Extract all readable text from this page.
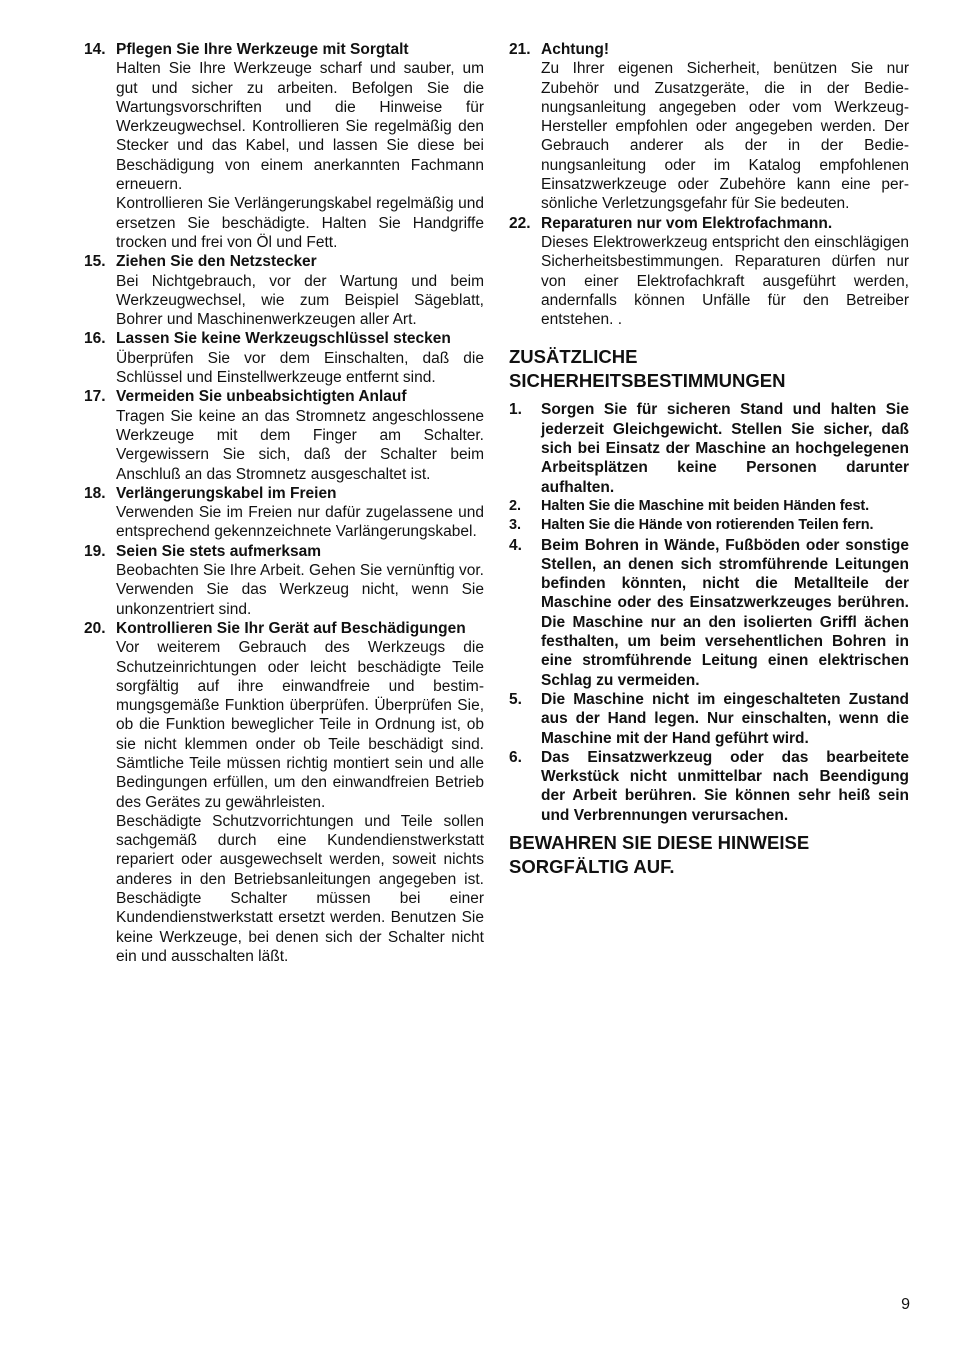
14. Pflegen Sie Ihre Werkzeuge mit Sorgtalt
Halten Sie Ihre Werkzeuge scharf und sauber, um gut und sicher zu arbeiten. Befolgen Sie die Wartungsvorschriften und die Hinweise für Werkzeugwechsel. Kontrollieren Sie regelmäßig den Stecker und das Kabel, und lassen Sie diese bei Beschädigung von einem anerkannten Fachmann erneuern.
Kontrollieren Sie Verlängerungskabel regelmäßig und ersetzen Sie beschädigte. Halten Sie Handgriffe trocken und frei von Öl und Fett.
15. Ziehen Sie den Netzstecker
Bei Nichtgebrauch, vor der Wartung und beim Werkzeugwechsel, wie zum Beispiel Sägeblatt, Bohrer und Maschinenwerkzeugen aller Art.
16. Lassen Sie keine Werkzeugschlüssel stecken
Überprüfen Sie vor dem Einschalten, daß die Schlüssel und Einstellwerkzeuge entfernt sind.
17. Vermeiden Sie unbeabsichtigten Anlauf
Tragen Sie keine an das Stromnetz angeschlossene Werkzeuge mit dem Finger am Schalter. Vergewissern Sie sich, daß der Schalter beim Anschluß an das Stromnetz ausgeschaltet ist.
18. Verlängerungskabel im Freien
Verwenden Sie im Freien nur dafür zugelassene und entsprechend gekennzeichnete Varlängerungskabel.
19. Seien Sie stets aufmerksam
Beobachten Sie Ihre Arbeit. Gehen Sie vernünftig vor. Verwenden Sie das Werkzeug nicht, wenn Sie unkonzentriert sind.
20. Kontrollieren Sie Ihr Gerät auf Beschädigungen
Vor weiterem Gebrauch des Werkzeugs die Schutzeinrichtungen oder leicht beschädigte Teile sorgfältig auf ihre einwandfreie und bestimmungsgemäße Funktion überprüfen. Überprüfen Sie, ob die Funktion beweglicher Teile in Ordnung ist, ob sie nicht klemmen onder ob Teile beschädigt sind. Sämtliche Teile müssen richtig montiert sein und alle Bedingungen erfüllen, um den einwandfreien Betrieb des Gerätes zu gewährleisten.
Beschädigte Schutzvorrichtungen und Teile sollen sachgemäß durch eine Kundendienstwerkstatt repariert oder ausgewechselt werden, soweit nichts anderes in den Betriebsanleitungen angegeben ist. Beschädigte Schalter müssen bei einer Kundendienstwerkstatt ersetzt werden. Benutzen Sie keine Werkzeuge, bei denen sich der Schalter nicht ein und ausschalten läßt.
21. Achtung!
Zu Ihrer eigenen Sicherheit, benützen Sie nur Zubehör und Zusatzgeräte, die in der Bedienungsanleitung angegeben oder vom WerkzeugHersteller empfohlen oder angegeben werden. Der Gebrauch anderer als der in der Bedienungsanleitung oder im Katalog empfohlenen Einsatzwerkzeuge oder Zubehöre kann eine persönliche Verletzungsgefahr für Sie bedeuten.
22. Reparaturen nur vom Elektrofachmann.
Dieses Elektrowerkzeug entspricht den einschlägigen Sicherheitsbestimmungen. Reparaturen dürfen nur von einer Elektrofachkraft ausgeführt werden, andernfalls können Unfälle für den Betreiber entstehen. .
ZUSÄTZLICHE
SICHERHEITSBESTIMMUNGEN
1. Sorgen Sie für sicheren Stand und halten Sie jederzeit Gleichgewicht. Stellen Sie sicher, daß sich bei Einsatz der Maschine an hochgelegenen Arbeitsplätzen keine Personen darunter aufhalten.
2. Halten Sie die Maschine mit beiden Händen fest.
3. Halten Sie die Hände von rotierenden Teilen fern.
4. Beim Bohren in Wände, Fußböden oder sonstige Stellen, an denen sich stromführende Leitungen befinden könnten, nicht die Metallteile der Maschine oder des Einsatzwerkzeuges berühren. Die Maschine nur an den isolierten Griffl ächen festhalten, um beim versehentlichen Bohren in eine stromführende Leitung einen elektrischen Schlag zu vermeiden.
5. Die Maschine nicht im eingeschalteten Zustand aus der Hand legen. Nur einschalten, wenn die Maschine mit der Hand geführt wird.
6. Das Einsatzwerkzeug oder das bearbeitete Werkstück nicht unmittelbar nach Beendigung der Arbeit berühren. Sie können sehr heiß sein und Verbrennungen verursachen.
BEWAHREN SIE DIESE HINWEISE
SORGFÄLTIG AUF.
9
